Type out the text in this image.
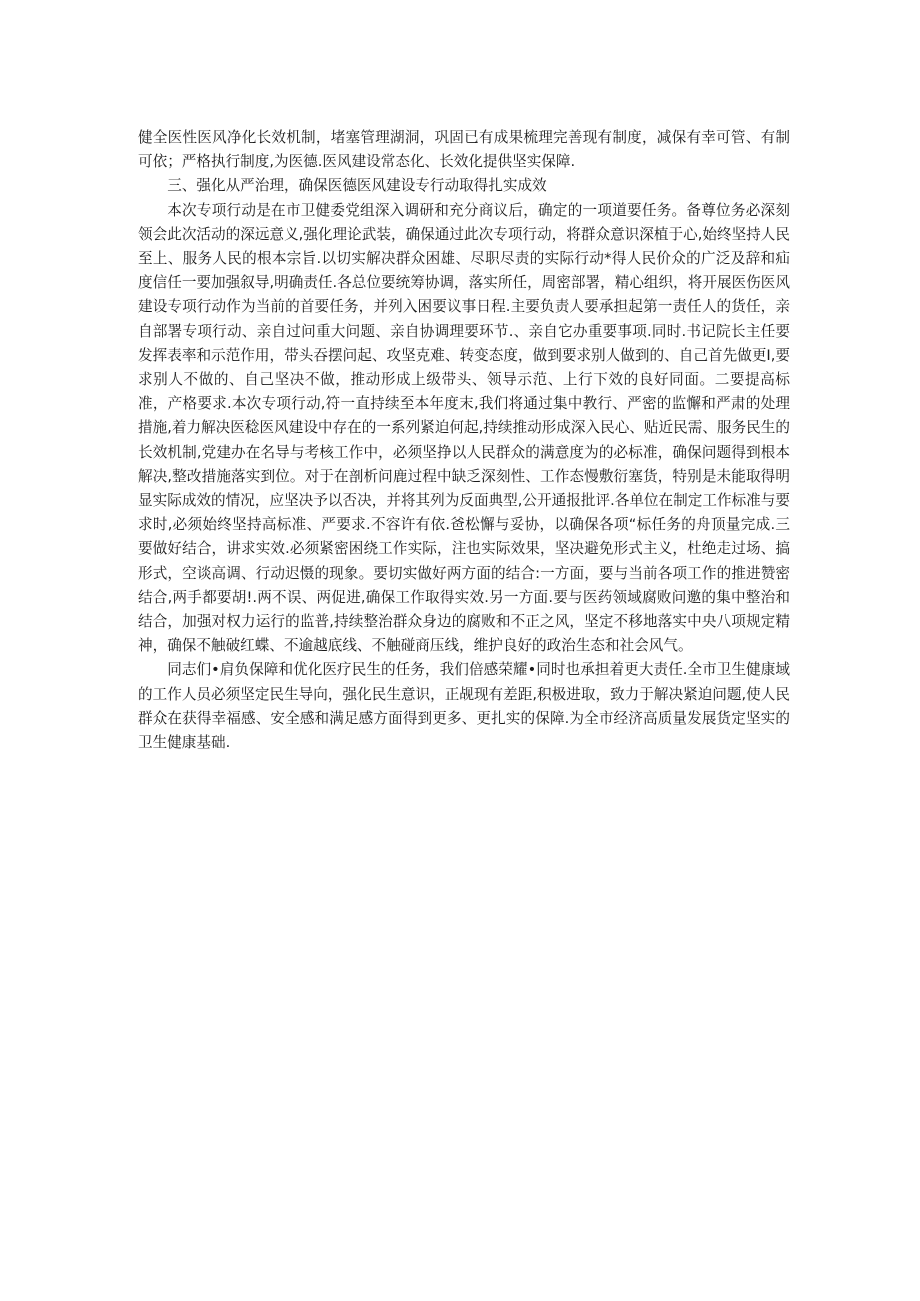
健全医性医风净化长效机制，堵塞管理湖洞，巩固已有成果梳理完善现有制度，减保有幸可管、有制可依；严格执行制度,为医德.医风建设常态化、长效化提供坚实保障.

三、强化从严治理，确保医德医风建设专行动取得扎实成效

本次专项行动是在市卫健委党组深入调研和充分商议后，确定的一项道要任务。备尊位务必深刻领会此次活动的深远意义,强化理论武装，确保通过此次专项行动，将群众意识深植于心,始终坚持人民至上、服务人民的根本宗旨.以切实解决群众困雄、尽职尽责的实际行动*得人民价众的广泛及辞和疝度信任一要加强叙导,明确责任.各总位要统筹协调，落实所任，周密部署，精心组织，将开展医伤医风建设专项行动作为当前的首要任务，并列入困要议事日程.主要负责人要承担起第一责任人的货任，亲自部署专项行动、亲自过问重大问题、亲自协调理要环节.、亲自它办重要事项.同时.书记院长主任要发挥表率和示范作用，带头吞摆问起、攻坚克难、转变态度，做到要求别人做到的、自己首先做更I,要求别人不做的、自己坚决不做，推动形成上级带头、领导示范、上行下效的良好同面。二要提高标准，产格要求.本次专项行动,符一直持续至本年度末,我们将通过集中教行、严密的监懈和严肃的处理措施,着力解决医稔医风建设中存在的一系列紧迫何起,持续推动形成深入民心、贴近民需、服务民生的长效机制,党建办在名导与考核工作中，必须坚挣以人民群众的满意度为的必标准，确保问题得到根本解决,整改措施落实到位。对于在剖析问鹿过程中缺乏深刻性、工作态慢敷衍塞货，特别是未能取得明显实际成效的情况，应坚决予以否决，并将其列为反面典型,公开通报批评.各单位在制定工作标准与要求时,必须始终坚持高标准、严要求.不容许有依.爸松懈与妥协，以确保各项“标任务的舟顶量完成.三要做好结合，讲求实效.必须紧密困绕工作实际，注也实际效果，坚决避免形式主义，杜绝走过场、搞形式，空谈高调、行动迟慑的现象。要切实做好两方面的结合:一方面，要与当前各项工作的推进赞密结合,两手都要胡!.两不误、两促进,确保工作取得实效.另一方面.要与医药领域腐败问邀的集中整治和结合，加强对权力运行的监普,持续整治群众身边的腐败和不正之风，坚定不移地落实中央八项规定精神，确保不触破红蝶、不逾越底线、不触碰商压线，维护良好的政治生态和社会风气。

同志们•肩负保障和优化医疗民生的任务，我们倍感荣耀•同时也承担着更大责任.全市卫生健康域的工作人员必须坚定民生导向，强化民生意识，正觇现有差距,积极进取，致力于解决紧迫问题,使人民群众在获得幸福感、安全感和满足感方面得到更多、更扎实的保障.为全市经济高质量发展货定坚实的卫生健康基础.
